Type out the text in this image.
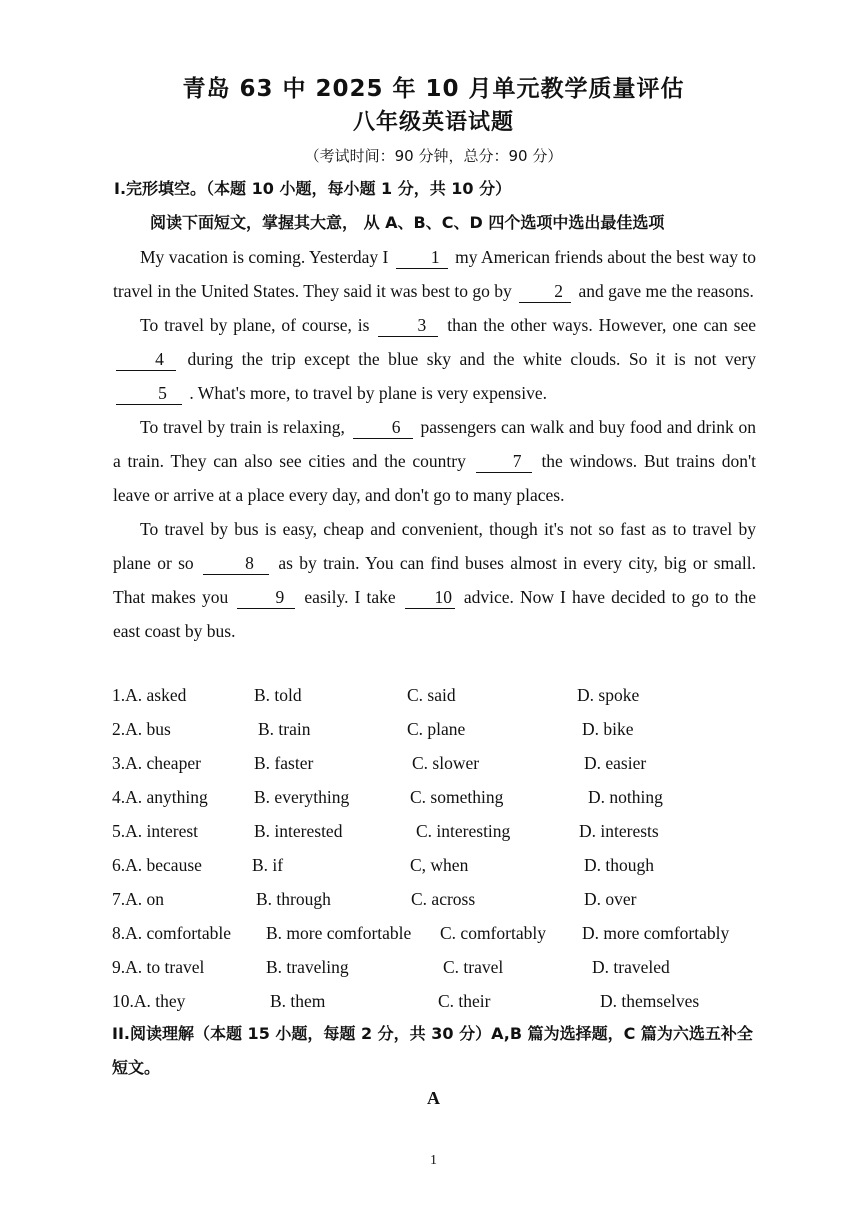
青岛 63 中 2025 年 10 月单元教学质量评估
八年级英语试题
（考试时间：90 分钟，总分：90 分）
I.完形填空。（本题 10 小题，每小题 1 分，共 10 分）
阅读下面短文，掌握其大意， 从 A、B、C、D 四个选项中选出最佳选项

My vacation is coming. Yesterday I 1 my American friends about the best way to travel in the United States. They said it was best to go by 2 and gave me the reasons.

To travel by plane, of course, is	3 than the other ways. However, one can see 4 during the trip except the blue sky and the white clouds. So it is not very 5 . What's more, to travel by plane is very expensive.

To travel by train is relaxing,	6 passengers can walk and buy food and drink on a train. They can also see cities and the country	7 the windows. But trains don't leave or arrive at a place every day, and don't go to many places.

To travel by bus is easy, cheap and convenient, though it's not so fast as to travel by plane or so	8 as by train. You can find buses almost in every city, big or small. That makes you	9 easily. I take 10 advice. Now I have decided to go to the east coast by bus.

1.A. asked	B. told	C. said	D. spoke
2.A. bus	B. train	C. plane	D. bike
3.A. cheaper	B. faster	C. slower	D. easier
4.A. anything	B. everything	C. something	D. nothing
5.A. interest	B. interested	C. interesting	D. interests
6.A. because	B. if	C, when	D. though
7.A. on	B. through	C. across	D. over
8.A. comfortable B. more comfortable C. comfortably D. more comfortably
9.A. to travel	B. traveling	C. travel	D. traveled
10.A. they	B. them	C. their	D. themselves
II.阅读理解（本题 15 小题，每题 2 分，共 30 分）A,B 篇为选择题，C 篇为六选五补全短文。
A
1
